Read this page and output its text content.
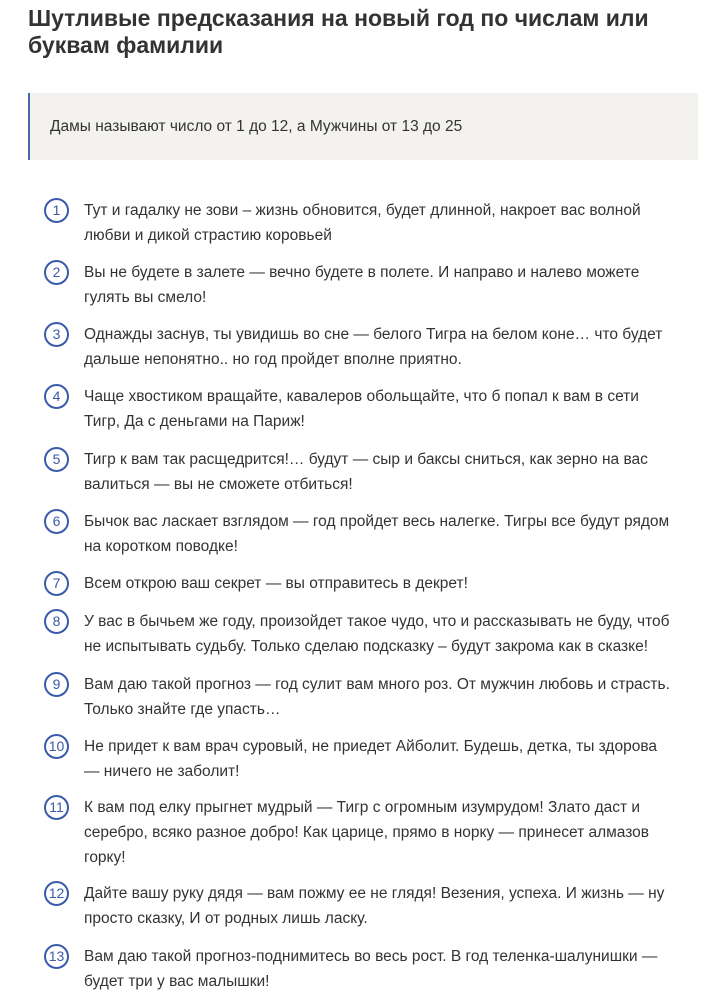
Шутливые предсказания на новый год по числам или буквам фамилии
Дамы называют число от 1 до 12, а Мужчины от 13 до 25
1	Тут и гадалку не зови – жизнь обновится, будет длинной, накроет вас волной
любви и дикой страстию коровьей
2	Вы не будете в залете — вечно будете в полете. И направо и налево можете
гулять вы смело!
3	Однажды заснув, ты увидишь во сне — белого Тигра на белом коне… что будет
дальше непонятно.. но год пройдет вполне приятно.
4	Чаще хвостиком вращайте, кавалеров обольщайте, что б попал к вам в сети
Тигр, Да с деньгами на Париж!
5	Тигр к вам так расщедрится!… будут — сыр и баксы сниться, как зерно на вас
валиться — вы не сможете отбиться!
6	Бычок вас ласкает взглядом — год пройдет весь налегке. Тигры все будут рядом
на коротком поводке!
7	Всем открою ваш секрет — вы отправитесь в декрет!
8	У вас в бычьем же году, произойдет такое чудо, что и рассказывать не буду, чтоб
не испытывать судьбу. Только сделаю подсказку – будут закрома как в сказке!
9	Вам даю такой прогноз — год сулит вам много роз. От мужчин любовь и страсть.
Только знайте где упасть…
10	Не придет к вам врач суровый, не приедет Айболит. Будешь, детка, ты здорова
— ничего не заболит!
11	К вам под елку прыгнет мудрый — Тигр с огромным изумрудом! Злато даст и
серебро, всяко разное добро! Как царице, прямо в норку — принесет алмазов
горку!
12	Дайте вашу руку дядя — вам пожму ее не глядя! Везения, успеха. И жизнь — ну
просто сказку, И от родных лишь ласку.
13	Вам даю такой прогноз-поднимитесь во весь рост. В год теленка-шалунишки —
будет три у вас малышки!
